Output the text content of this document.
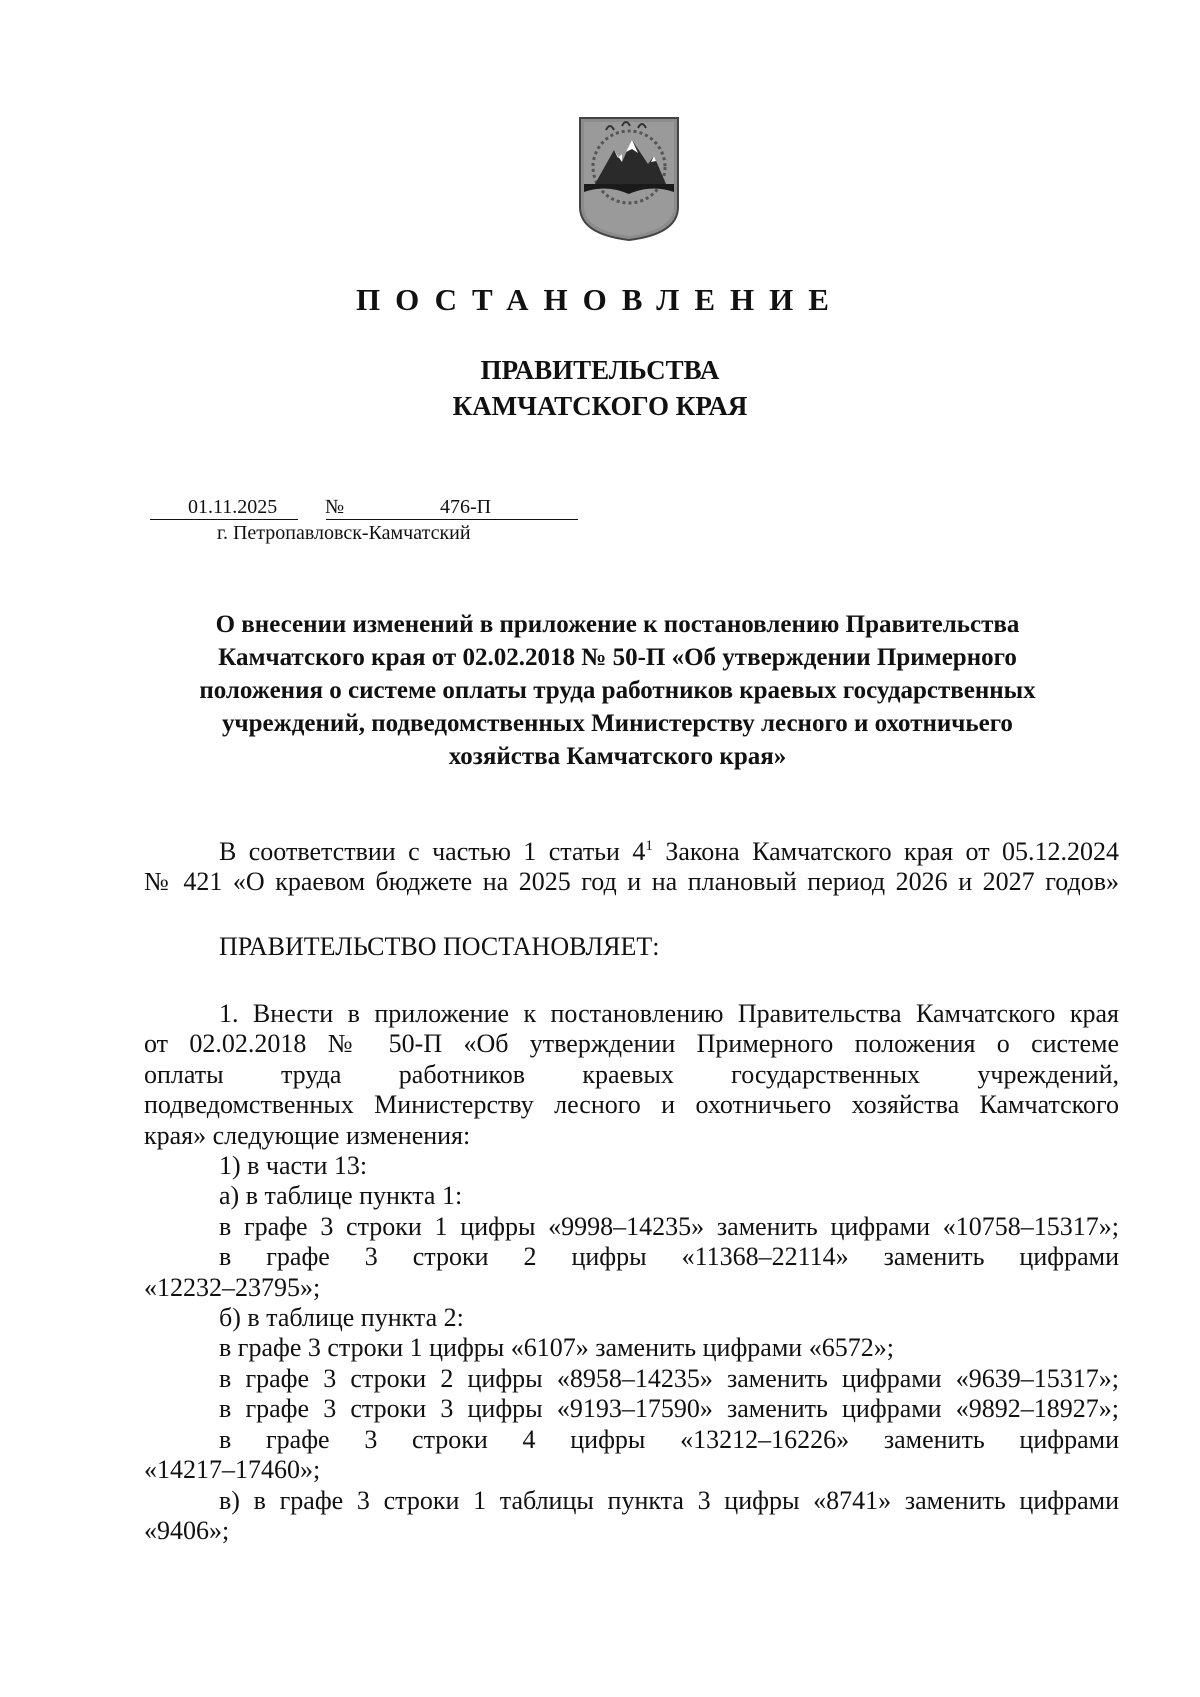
ПОСТАНОВЛЕНИЕ
ПРАВИТЕЛЬСТВА
КАМЧАТСКОГО КРАЯ
01.11.2025 №	476-П
г. Петропавловск-Камчатский
О внесении изменений в приложение к постановлению Правительства
Камчатского края от 02.02.2018 № 50-П «Об утверждении Примерного
положения о системе оплаты труда работников краевых государственных
учреждений, подведомственных Министерству лесного и охотничьего
хозяйства Камчатского края»
В соответствии с частью 1 статьи $4^1$ Закона Камчатского края от 05.12.2024
№ 421 «О краевом бюджете на 2025 год и на плановый период 2026 и 2027 годов»
ПРАВИТЕЛЬСТВО ПОСТАНОВЛЯЕТ:
1. Внести в приложение к постановлению Правительства Камчатского края
от 02.02.2018 № 50-П «Об утверждении Примерного положения о системе
оплаты труда работников краевых государственных учреждений,
подведомственных Министерству лесного и охотничьего хозяйства Камчатского
края» следующие изменения:
1) в части 13:
а) в таблице пункта 1:
в графе 3 строки 1 цифры «9998–14235» заменить цифрами «10758–15317»;
в графе 3 строки 2 цифры «11368–22114» заменить цифрами
«12232–23795»;
б) в таблице пункта 2:
в графе 3 строки 1 цифры «6107» заменить цифрами «6572»;
в графе 3 строки 2 цифры «8958–14235» заменить цифрами «9639–15317»;
в графе 3 строки 3 цифры «9193–17590» заменить цифрами «9892–18927»;
в графе 3 строки 4 цифры «13212–16226» заменить цифрами
«14217–17460»;
в) в графе 3 строки 1 таблицы пункта 3 цифры «8741» заменить цифрами
«9406»;
